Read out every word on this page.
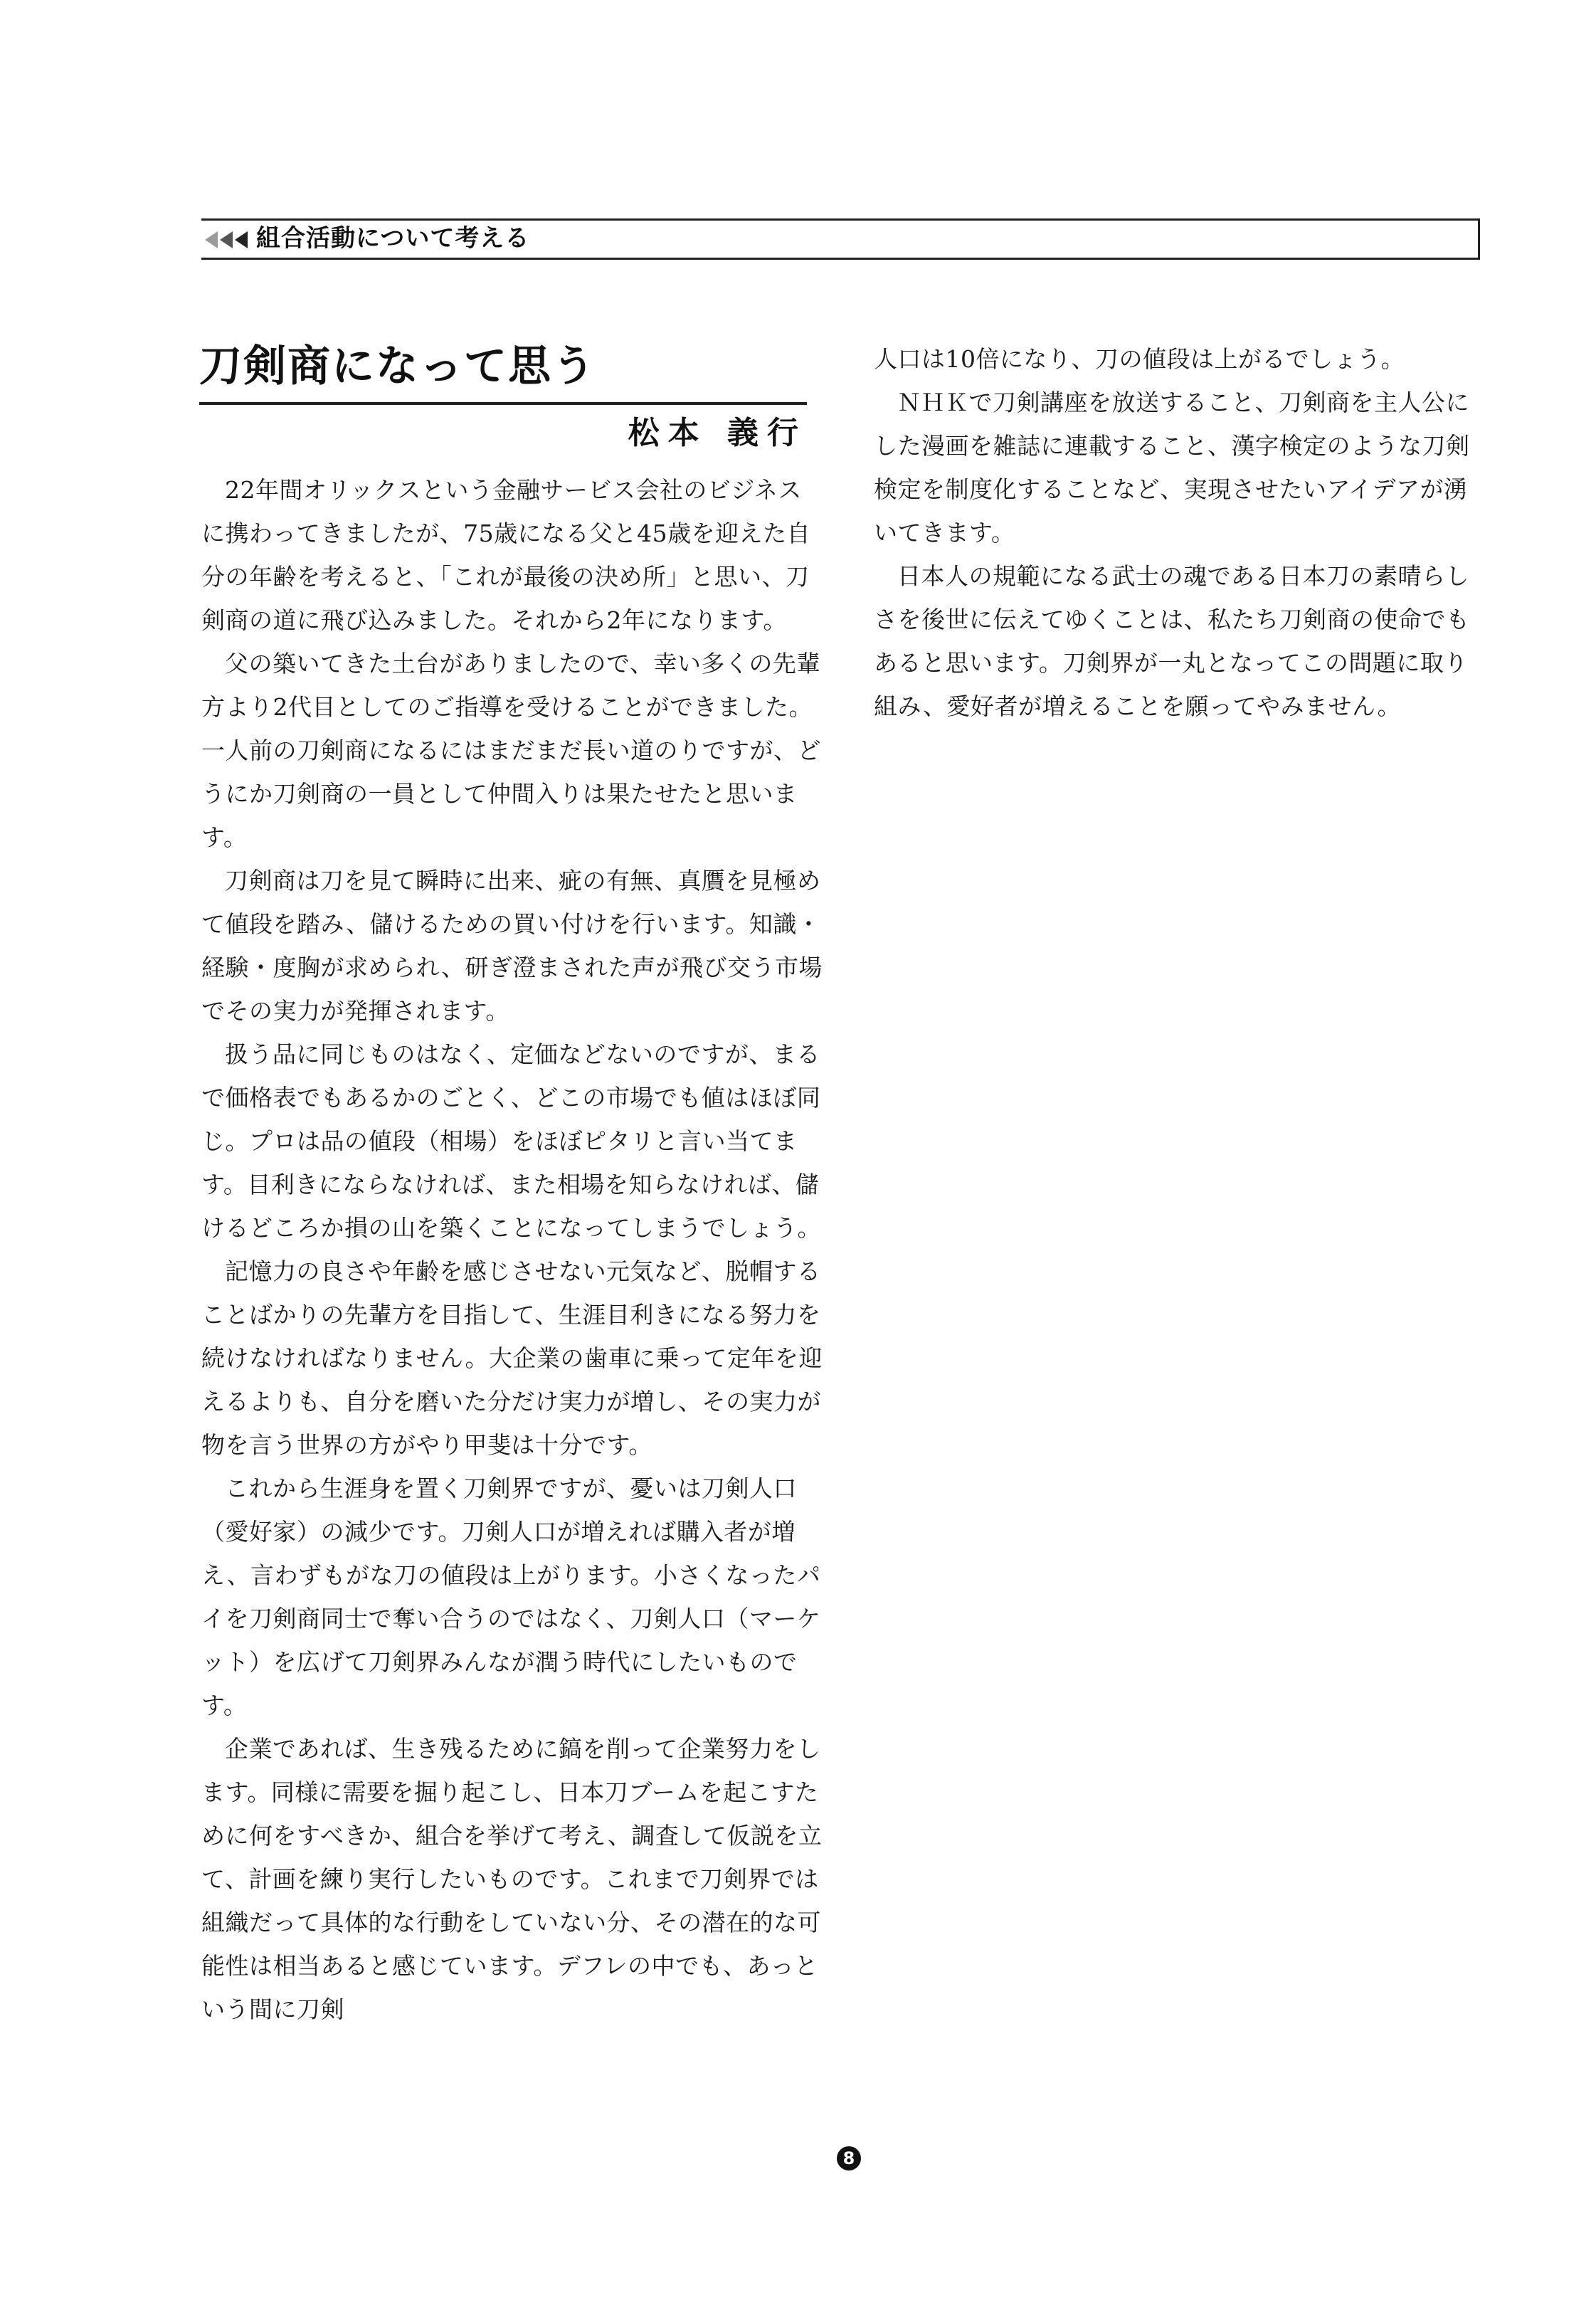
組合活動について考える
刀剣商になって思う
松本 義行

22年間オリックスという金融サービス会社のビジネスに携わってきましたが、75歳になる父と45歳を迎えた自分の年齢を考えると、「これが最後の決め所」と思い、刀剣商の道に飛び込みました。それから2年になります。

父の築いてきた土台がありましたので、幸い多くの先輩方より2代目としてのご指導を受けることができました。一人前の刀剣商になるにはまだまだ長い道のりですが、どうにか刀剣商の一員として仲間入りは果たせたと思います。

刀剣商は刀を見て瞬時に出来、疵の有無、真贋を見極めて値段を踏み、儲けるための買い付けを行います。知識・経験・度胸が求められ、研ぎ澄まされた声が飛び交う市場でその実力が発揮されます。

扱う品に同じものはなく、定価などないのですが、まるで価格表でもあるかのごとく、どこの市場でも値はほぼ同じ。プロは品の値段（相場）をほぼピタリと言い当てます。目利きにならなければ、また相場を知らなければ、儲けるどころか損の山を築くことになってしまうでしょう。

記憶力の良さや年齢を感じさせない元気など、脱帽することばかりの先輩方を目指して、生涯目利きになる努力を続けなければなりません。大企業の歯車に乗って定年を迎えるよりも、自分を磨いた分だけ実力が増し、その実力が物を言う世界の方がやり甲斐は十分です。

これから生涯身を置く刀剣界ですが、憂いは刀剣人口（愛好家）の減少です。刀剣人口が増えれば購入者が増え、言わずもがな刀の値段は上がります。小さくなったパイを刀剣商同士で奪い合うのではなく、刀剣人口（マーケット）を広げて刀剣界みんなが潤う時代にしたいものです。

企業であれば、生き残るために鎬を削って企業努力をします。同様に需要を掘り起こし、日本刀ブームを起こすために何をすべきか、組合を挙げて考え、調査して仮説を立て、計画を練り実行したいものです。これまで刀剣界では組織だって具体的な行動をしていない分、その潜在的な可能性は相当あると感じています。デフレの中でも、あっという間に刀剣

人口は10倍になり、刀の値段は上がるでしょう。

ＮＨＫで刀剣講座を放送すること、刀剣商を主人公にした漫画を雑誌に連載すること、漢字検定のような刀剣検定を制度化することなど、実現させたいアイデアが湧いてきます。

日本人の規範になる武士の魂である日本刀の素晴らしさを後世に伝えてゆくことは、私たち刀剣商の使命でもあると思います。刀剣界が一丸となってこの問題に取り組み、愛好者が増えることを願ってやみません。

8
